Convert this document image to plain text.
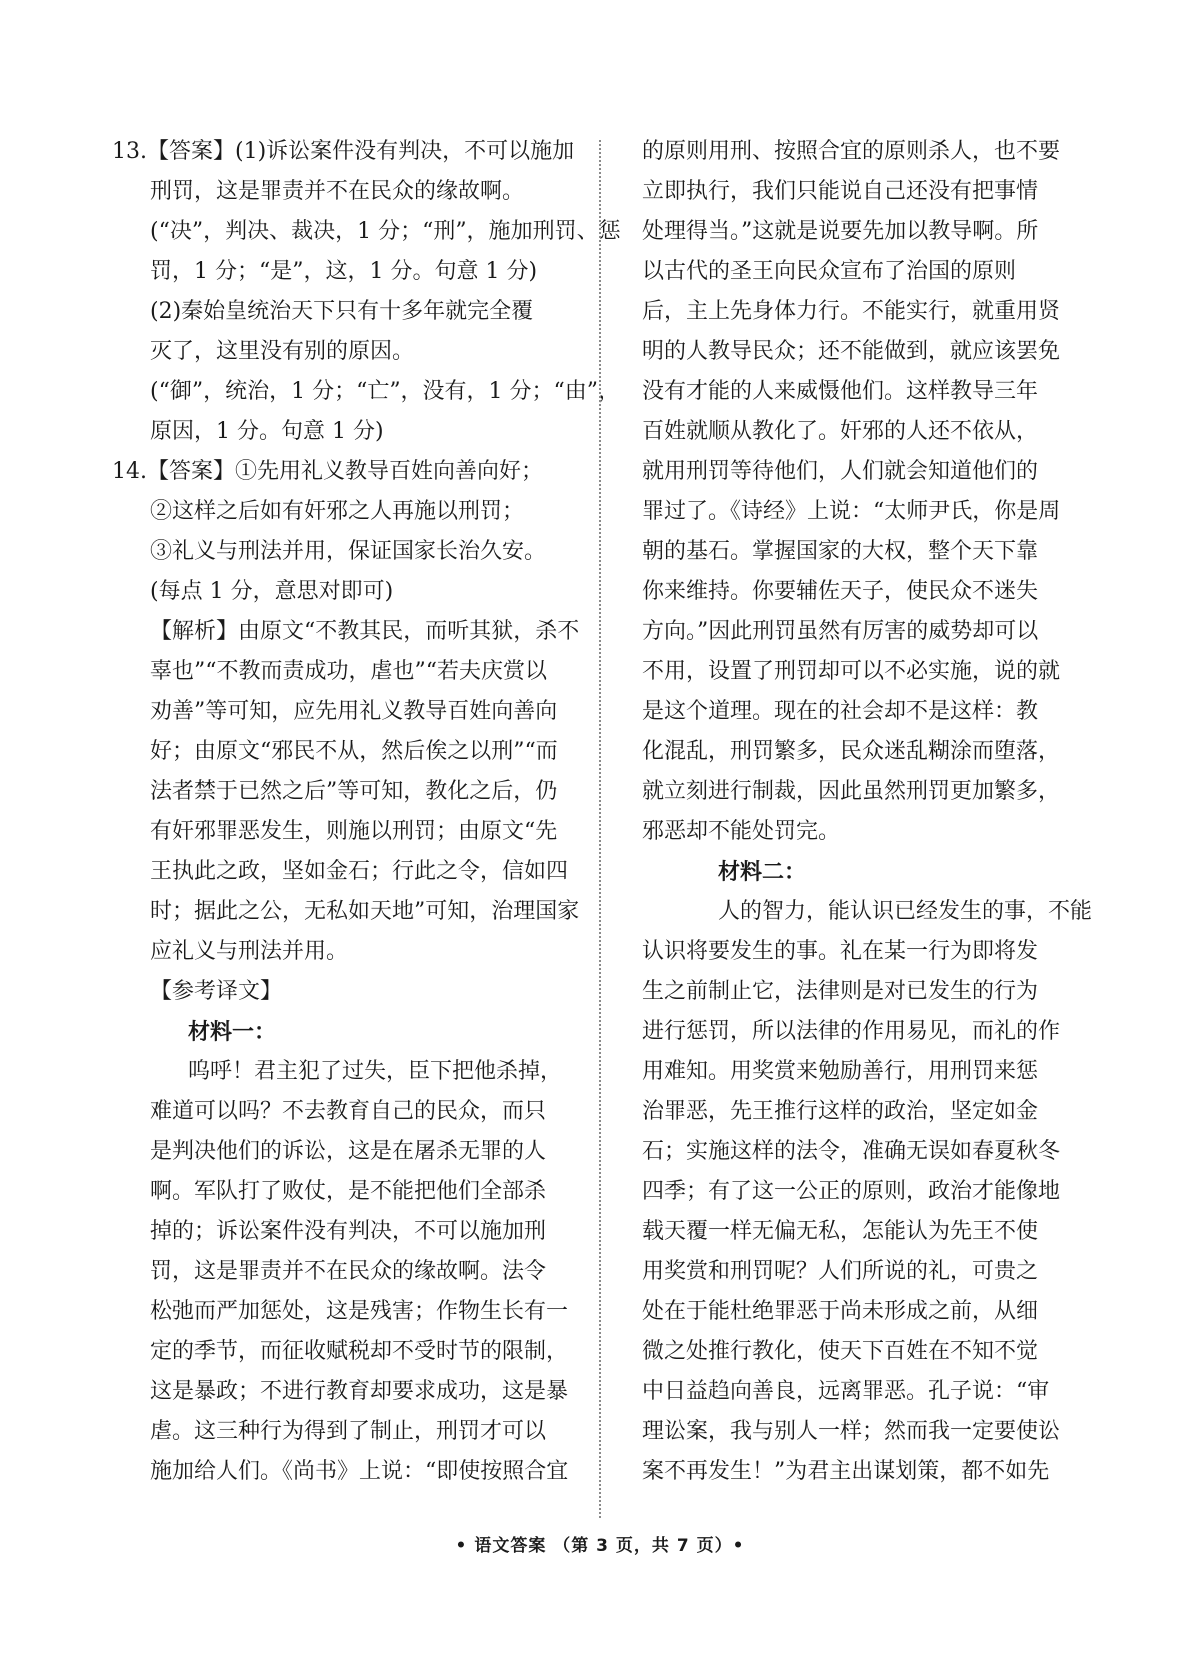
13.【答案】(1)诉讼案件没有判决，不可以施加
刑罚，这是罪责并不在民众的缘故啊。
(“决”，判决、裁决，1 分；“刑”，施加刑罚、惩
罚，1 分；“是”，这，1 分。句意 1 分)
(2)秦始皇统治天下只有十多年就完全覆
灭了，这里没有别的原因。
(“御”，统治，1 分；“亡”，没有，1 分；“由”，
原因，1 分。句意 1 分)
14.【答案】①先用礼义教导百姓向善向好；
②这样之后如有奸邪之人再施以刑罚；
③礼义与刑法并用，保证国家长治久安。
(每点 1 分，意思对即可)
【解析】由原文“不教其民，而听其狱，杀不
辜也”“不教而责成功，虐也”“若夫庆赏以
劝善”等可知，应先用礼义教导百姓向善向
好；由原文“邪民不从，然后俟之以刑”“而
法者禁于已然之后”等可知，教化之后，仍
有奸邪罪恶发生，则施以刑罚；由原文“先
王执此之政，坚如金石；行此之令，信如四
时；据此之公，无私如天地”可知，治理国家
应礼义与刑法并用。
【参考译文】
材料一：
呜呼！君主犯了过失，臣下把他杀掉，
难道可以吗？不去教育自己的民众，而只
是判决他们的诉讼，这是在屠杀无罪的人
啊。军队打了败仗，是不能把他们全部杀
掉的；诉讼案件没有判决，不可以施加刑
罚，这是罪责并不在民众的缘故啊。法令
松弛而严加惩处，这是残害；作物生长有一
定的季节，而征收赋税却不受时节的限制，
这是暴政；不进行教育却要求成功，这是暴
虐。这三种行为得到了制止，刑罚才可以
施加给人们。《尚书》上说：“即使按照合宜
的原则用刑、按照合宜的原则杀人，也不要
立即执行，我们只能说自己还没有把事情
处理得当。”这就是说要先加以教导啊。所
以古代的圣王向民众宣布了治国的原则
后，主上先身体力行。不能实行，就重用贤
明的人教导民众；还不能做到，就应该罢免
没有才能的人来威慑他们。这样教导三年
百姓就顺从教化了。奸邪的人还不依从，
就用刑罚等待他们，人们就会知道他们的
罪过了。《诗经》上说：“太师尹氏，你是周
朝的基石。掌握国家的大权，整个天下靠
你来维持。你要辅佐天子，使民众不迷失
方向。”因此刑罚虽然有厉害的威势却可以
不用，设置了刑罚却可以不必实施，说的就
是这个道理。现在的社会却不是这样：教
化混乱，刑罚繁多，民众迷乱糊涂而堕落，
就立刻进行制裁，因此虽然刑罚更加繁多，
邪恶却不能处罚完。
材料二：
人的智力，能认识已经发生的事，不能
认识将要发生的事。礼在某一行为即将发
生之前制止它，法律则是对已发生的行为
进行惩罚，所以法律的作用易见，而礼的作
用难知。用奖赏来勉励善行，用刑罚来惩
治罪恶，先王推行这样的政治，坚定如金
石；实施这样的法令，准确无误如春夏秋冬
四季；有了这一公正的原则，政治才能像地
载天覆一样无偏无私，怎能认为先王不使
用奖赏和刑罚呢？人们所说的礼，可贵之
处在于能杜绝罪恶于尚未形成之前，从细
微之处推行教化，使天下百姓在不知不觉
中日益趋向善良，远离罪恶。孔子说：“审
理讼案，我与别人一样；然而我一定要使讼
案不再发生！”为君主出谋划策，都不如先
• 语文答案 （第 3 页，共 7 页）•
